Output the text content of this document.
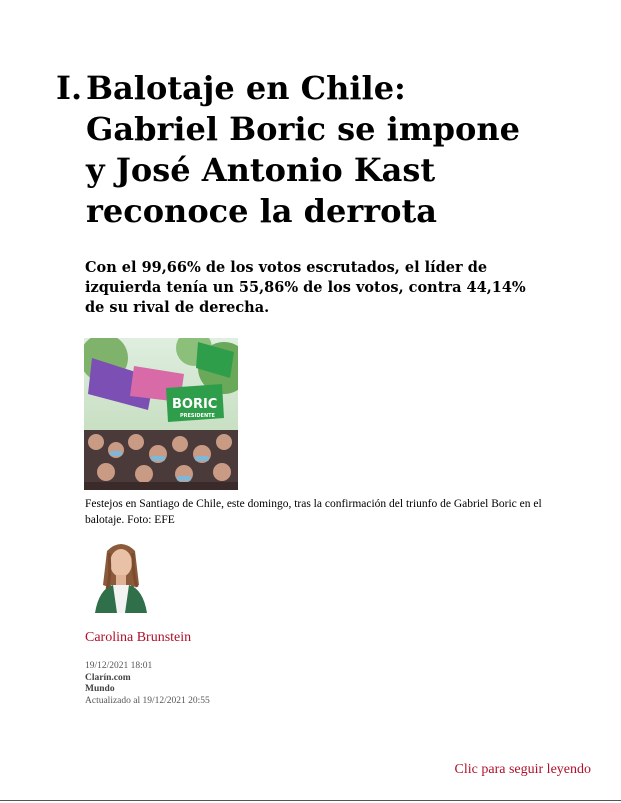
I. Balotaje en Chile: Gabriel Boric se impone y José Antonio Kast reconoce la derrota

Con el 99,66% de los votos escrutados, el líder de izquierda tenía un 55,86% de los votos, contra 44,14% de su rival de derecha.

BORIC
PRESIDENTE
Festejos en Santiago de Chile, este domingo, tras la confirmación del triunfo de Gabriel Boric en el balotaje. Foto: EFE
Carolina Brunstein
19/12/2021 18:01
Clarín.com
Mundo
Actualizado al 19/12/2021 20:55
Clic para seguir leyendo
